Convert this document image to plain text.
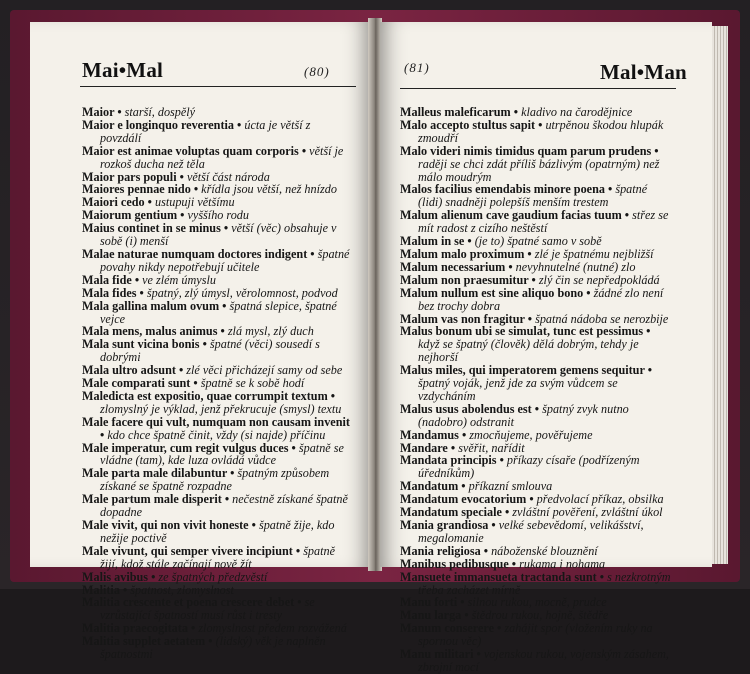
Mai•Mal	(80)

Maior • starší, dospělý

Maior e longinquo reverentia • úcta je větší z povzdálí

Maior est animae voluptas quam corporis • větší je rozkoš ducha než těla

Maior pars populi • větší část národa

Maiores pennae nido • křídla jsou větší, než hnízdo

Maiori cedo • ustupuji většímu

Maiorum gentium • vyššího rodu

Maius continet in se minus • větší (věc) obsahuje v sobě (i) menší

Malae naturae numquam doctores indigent • špatné povahy nikdy nepotřebují učitele

Mala fide • ve zlém úmyslu

Mala fides • špatný, zlý úmysl, věrolomnost, podvod

Mala gallina malum ovum • špatná slepice, špatné vejce

Mala mens, malus animus • zlá mysl, zlý duch

Mala sunt vicina bonis • špatné (věci) sousedí s dobrými

Mala ultro adsunt • zlé věci přicházejí samy od sebe

Male comparati sunt • špatně se k sobě hodí

Maledicta est expositio, quae corrumpit textum • zlomyslný je výklad, jenž překrucuje (smysl) textu

Male facere qui vult, numquam non causam invenit • kdo chce špatně činit, vždy (si najde) příčinu

Male imperatur, cum regit vulgus duces • špatně se vládne (tam), kde luza ovládá vůdce

Male parta male dilabuntur • špatným způsobem získané se špatně rozpadne

Male partum male disperit • nečestně získané špatně dopadne

Male vivit, qui non vivit honeste • špatně žije, kdo nežije poctivě

Male vivunt, qui semper vivere incipiunt • špatně žijí, kdož stále začínají nově žít

Malis avibus • ze špatných předzvěstí

Malitia • špatnost, zlomyslnost

Malitia crescente et poena crescere debet • se vzrůstající špatností musí růst i tresty

Malitia praecogitata • zlomyslnost předem rozvážená

Malitia supplet aetatem • (lidský) věk je naplněn špatnostmi

(81)	Mal•Man

Malleus maleficarum • kladivo na čarodějnice

Malo accepto stultus sapit • utrpěnou škodou hlupák zmoudří

Malo videri nimis timidus quam parum prudens • raději se chci zdát příliš bázlivým (opatrným) než málo moudrým

Malos facilius emendabis minore poena • špatné (lidi) snadněji polepšíš menším trestem

Malum alienum cave gaudium facias tuum • střez se mít radost z cizího neštěstí

Malum in se • (je to) špatné samo v sobě

Malum malo proximum • zlé je špatnému nejbližší

Malum necessarium • nevyhnutelné (nutné) zlo

Malum non praesumitur • zlý čin se nepředpokládá

Malum nullum est sine aliquo bono • žádné zlo není bez trochy dobra

Malum vas non fragitur • špatná nádoba se nerozbije

Malus bonum ubi se simulat, tunc est pessimus • když se špatný (člověk) dělá dobrým, tehdy je nejhorší

Malus miles, qui imperatorem gemens sequitur • špatný voják, jenž jde za svým vůdcem se vzdycháním

Malus usus abolendus est • špatný zvyk nutno (nadobro) odstranit

Mandamus • zmocňujeme, pověřujeme

Mandare • svěřit, nařídit

Mandata principis • příkazy císaře (podřízeným úředníkům)

Mandatum • příkazní smlouva

Mandatum evocatorium • předvolací příkaz, obsilka

Mandatum speciale • zvláštní pověření, zvláštní úkol

Mania grandiosa • velké sebevědomí, velikášství, megalomanie

Mania religiosa • náboženské blouznění

Manibus pedibusque • rukama i nohama

Mansuete immansueta tractanda sunt • s nezkrotným třeba zacházet mírně

Manu forti • silnou rukou, mocně, prudce

Manu larga • štědrou rukou, hojně, štědře

Manum conserere • zahájit spor (vložením ruky na spornou věc)

Manu militari • vojenskou rukou, vojenským zásahem, zbrojní mocí
